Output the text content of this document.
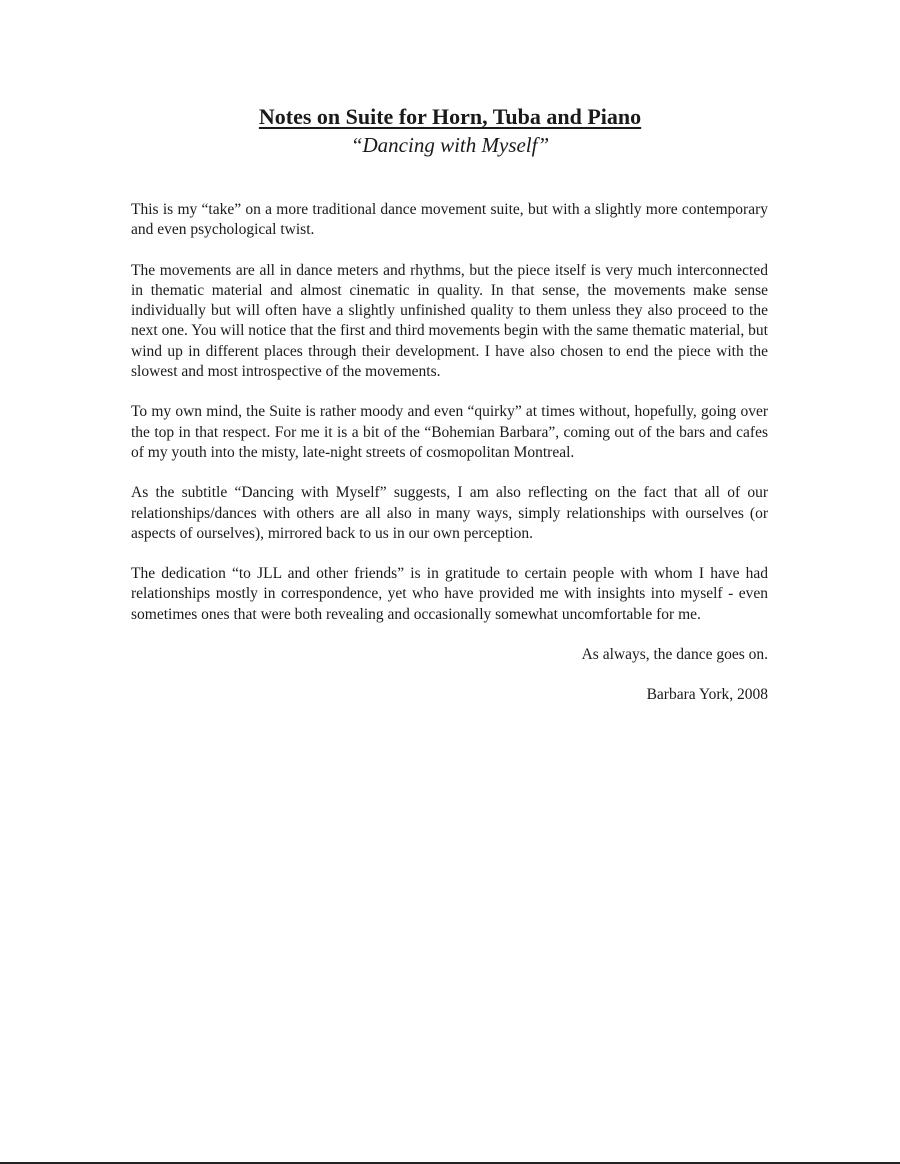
Notes on Suite for Horn, Tuba and Piano
“Dancing with Myself”

This is my “take” on a more traditional dance movement suite, but with a slightly more contemporary and even psychological twist.

The movements are all in dance meters and rhythms, but the piece itself is very much interconnected in thematic material and almost cinematic in quality. In that sense, the movements make sense individually but will often have a slightly unfinished quality to them unless they also proceed to the next one. You will notice that the first and third movements begin with the same thematic material, but wind up in different places through their development. I have also chosen to end the piece with the slowest and most introspective of the movements.

To my own mind, the Suite is rather moody and even “quirky” at times without, hopefully, going over the top in that respect. For me it is a bit of the “Bohemian Barbara”, coming out of the bars and cafes of my youth into the misty, late-night streets of cosmopolitan Montreal.

As the subtitle “Dancing with Myself” suggests, I am also reflecting on the fact that all of our relationships/dances with others are all also in many ways, simply relationships with ourselves (or aspects of ourselves), mirrored back to us in our own perception.

The dedication “to JLL and other friends” is in gratitude to certain people with whom I have had relationships mostly in correspondence, yet who have provided me with insights into myself - even sometimes ones that were both revealing and occasionally somewhat uncomfortable for me.

As always, the dance goes on.

Barbara York, 2008
